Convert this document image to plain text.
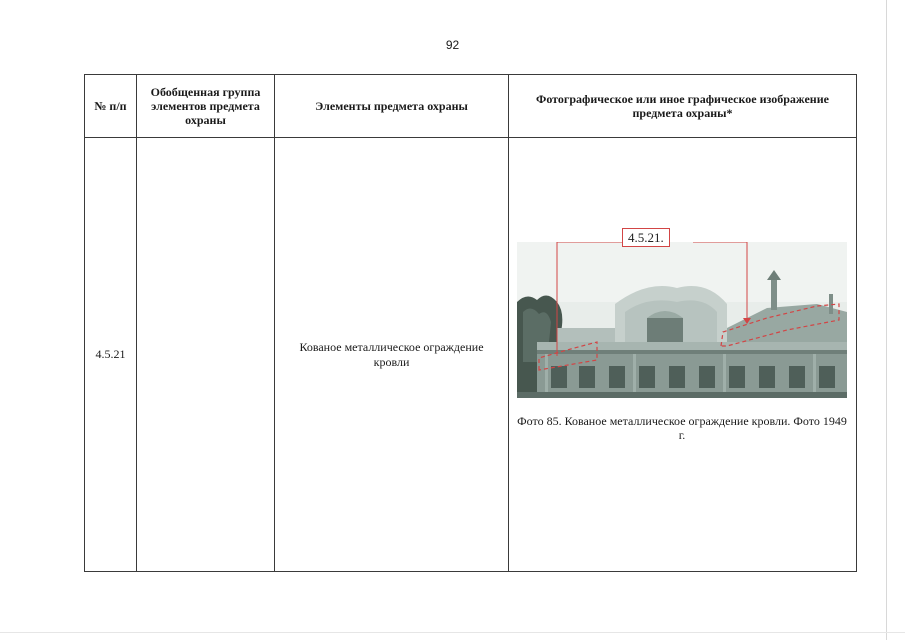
92
№ п/п	Обобщенная группа элементов предмета охраны	Элементы предмета охраны	Фотографическое или иное графическое изображение предмета охраны*
4.5.21		Кованое металлическое ограждение кровли	4.5.21.
Фото 85. Кованое металлическое ограждение кровли. Фото 1949 г.
